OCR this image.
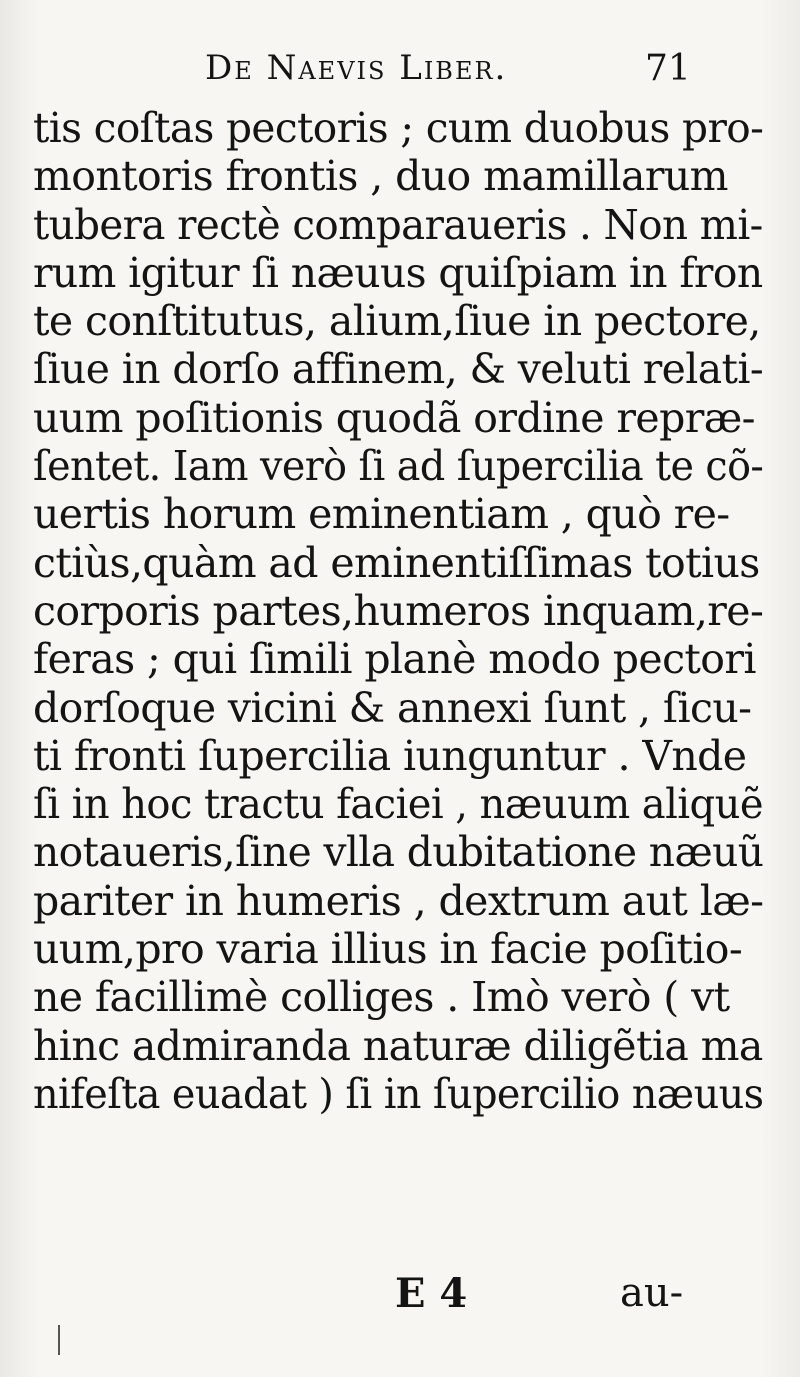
De Naevis Liber.	71
tis coſtas pectoris ; cum duobus pro-
montoris frontis , duo mamillarum
tubera rectè comparaueris . Non mi-
rum igitur ſi næuus quiſpiam in fron
te conſtitutus, alium,ſiue in pectore,
ſiue in dorſo affinem, & veluti relati-
uum poſitionis quodã ordine repræ-
ſentet. Iam verò ſi ad ſupercilia te cõ-
uertis horum eminentiam , quò re-
ctiùs,quàm ad eminentiſſimas totius
corporis partes,humeros inquam,re-
feras ; qui ſimili planè modo pectori
dorſoque vicini & annexi ſunt , ſicu-
ti fronti ſupercilia iunguntur . Vnde
ſi in hoc tractu faciei , næuum aliquẽ
notaueris,ſine vlla dubitatione næuũ
pariter in humeris , dextrum aut læ-
uum,pro varia illius in facie poſitio-
ne facillimè colliges . Imò verò ( vt
hinc admiranda naturæ diligẽtia ma
nifeſta euadat ) ſi in ſupercilio næuus
E 4	au-
